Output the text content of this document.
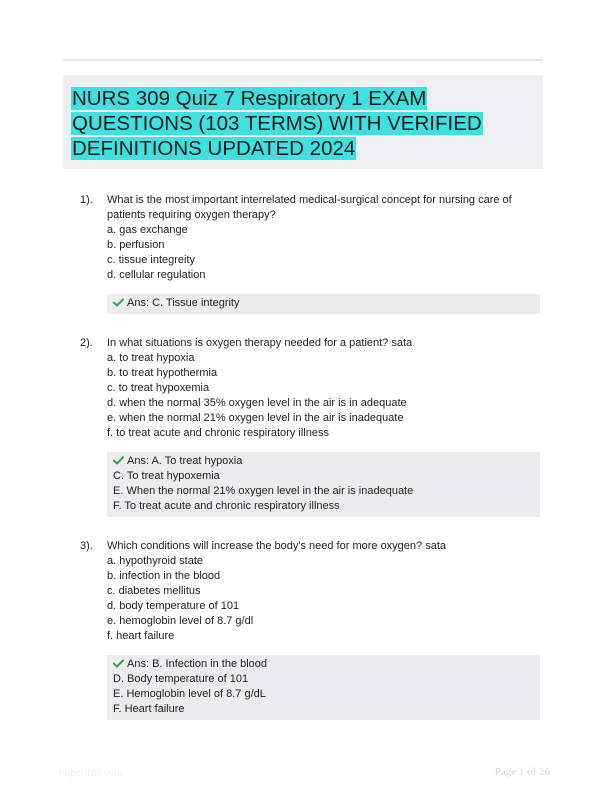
NURS 309 Quiz 7 Respiratory 1 EXAM
QUESTIONS (103 TERMS) WITH VERIFIED
DEFINITIONS UPDATED 2024
1).	What is the most important interrelated medical-surgical concept for nursing care of patients requiring oxygen therapy?

a. gas exchange

b. perfusion

c. tissue integreity

d. cellular regulation

Ans: C. Tissue integrity

2).	In what situations is oxygen therapy needed for a patient? sata

a. to treat hypoxia

b. to treat hypothermia

c. to treat hypoxemia

d. when the normal 35% oxygen level in the air is in adequate

e. when the normal 21% oxygen level in the air is inadequate

f. to treat acute and chronic respiratory illness

Ans: A. To treat hypoxia

C. To treat hypoxemia

E. When the normal 21% oxygen level in the air is inadequate

F. To treat acute and chronic respiratory illness

3).	Which conditions will increase the body's need for more oxygen? sata

a. hypothyroid state

b. infection in the blood

c. diabetes mellitus

d. body temperature of 101

e. hemoglobin level of 8.7 g/dl

f. heart failure

Ans: B. Infection in the blood

D. Body temperature of 101

E. Hemoglobin level of 8.7 g/dL

F. Heart failure

Papertrail.com	Page 1 of 26
